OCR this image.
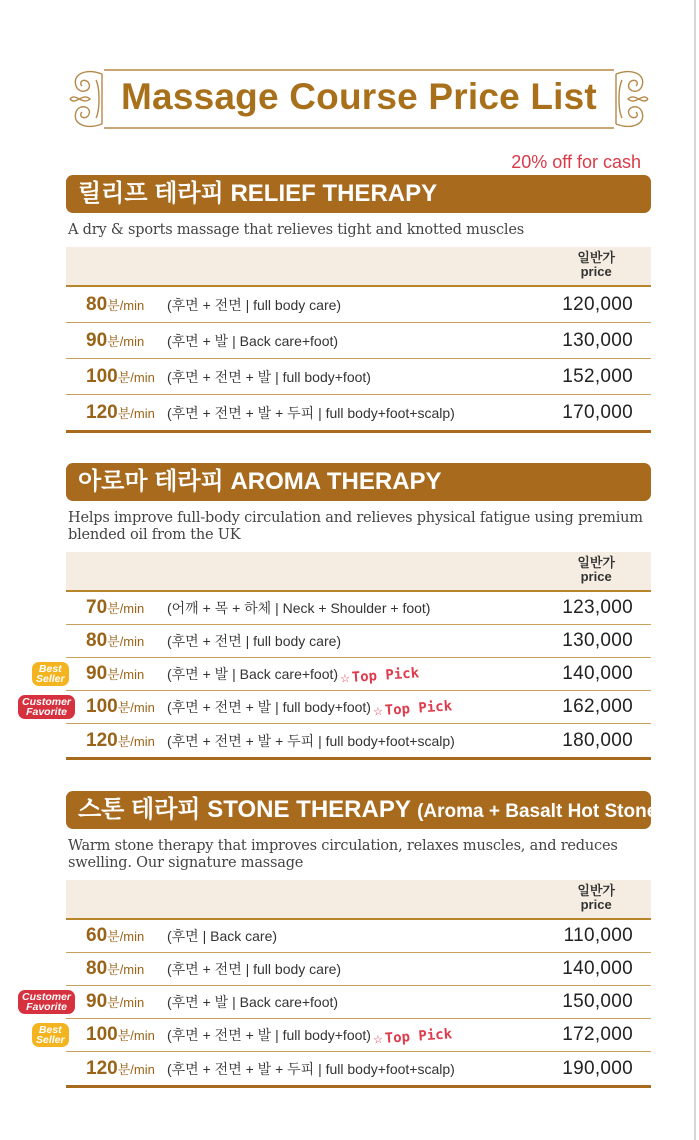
Massage Course Price List
20% off for cash
릴리프 테라피 RELIEF THERAPY
A dry & sports massage that relieves tight and knotted muscles
일반가
price
80분/min (후면 + 전면 | full body care)	120,000
90분/min (후면 + 발 | Back care+foot)	130,000
100분/min (후면 + 전면 + 발 | full body+foot)	152,000
120분/min (후면 + 전면 + 발 + 두피 | full body+foot+scalp)	170,000
아로마 테라피 AROMA THERAPY
Helps improve full-body circulation and relieves physical fatigue using premium blended oil from the UK
일반가
price
70분/min (어깨 + 목 + 하체 | Neck + Shoulder + foot)	123,000
80분/min (후면 + 전면 | full body care)	130,000
Best
Seller 90분/min (후면 + 발 | Back care+foot) ☆Top Pick	140,000
Customer
Favorite	100분/min (후면 + 전면 + 발 | full body+foot) ☆Top Pick	162,000
120분/min (후면 + 전면 + 발 + 두피 | full body+foot+scalp)	180,000
스톤 테라피 STONE THERAPY (Aroma + Basalt Hot Stone)
Warm stone therapy that improves circulation, relaxes muscles, and reduces swelling. Our signature massage
일반가
price
60분/min (후면 | Back care)	110,000
80분/min (후면 + 전면 | full body care)	140,000
Customer
Favorite	90분/min (후면 + 발 | Back care+foot)	150,000
Best
Seller 100분/min (후면 + 전면 + 발 | full body+foot) ☆Top Pick	172,000
120분/min (후면 + 전면 + 발 + 두피 | full body+foot+scalp)	190,000
